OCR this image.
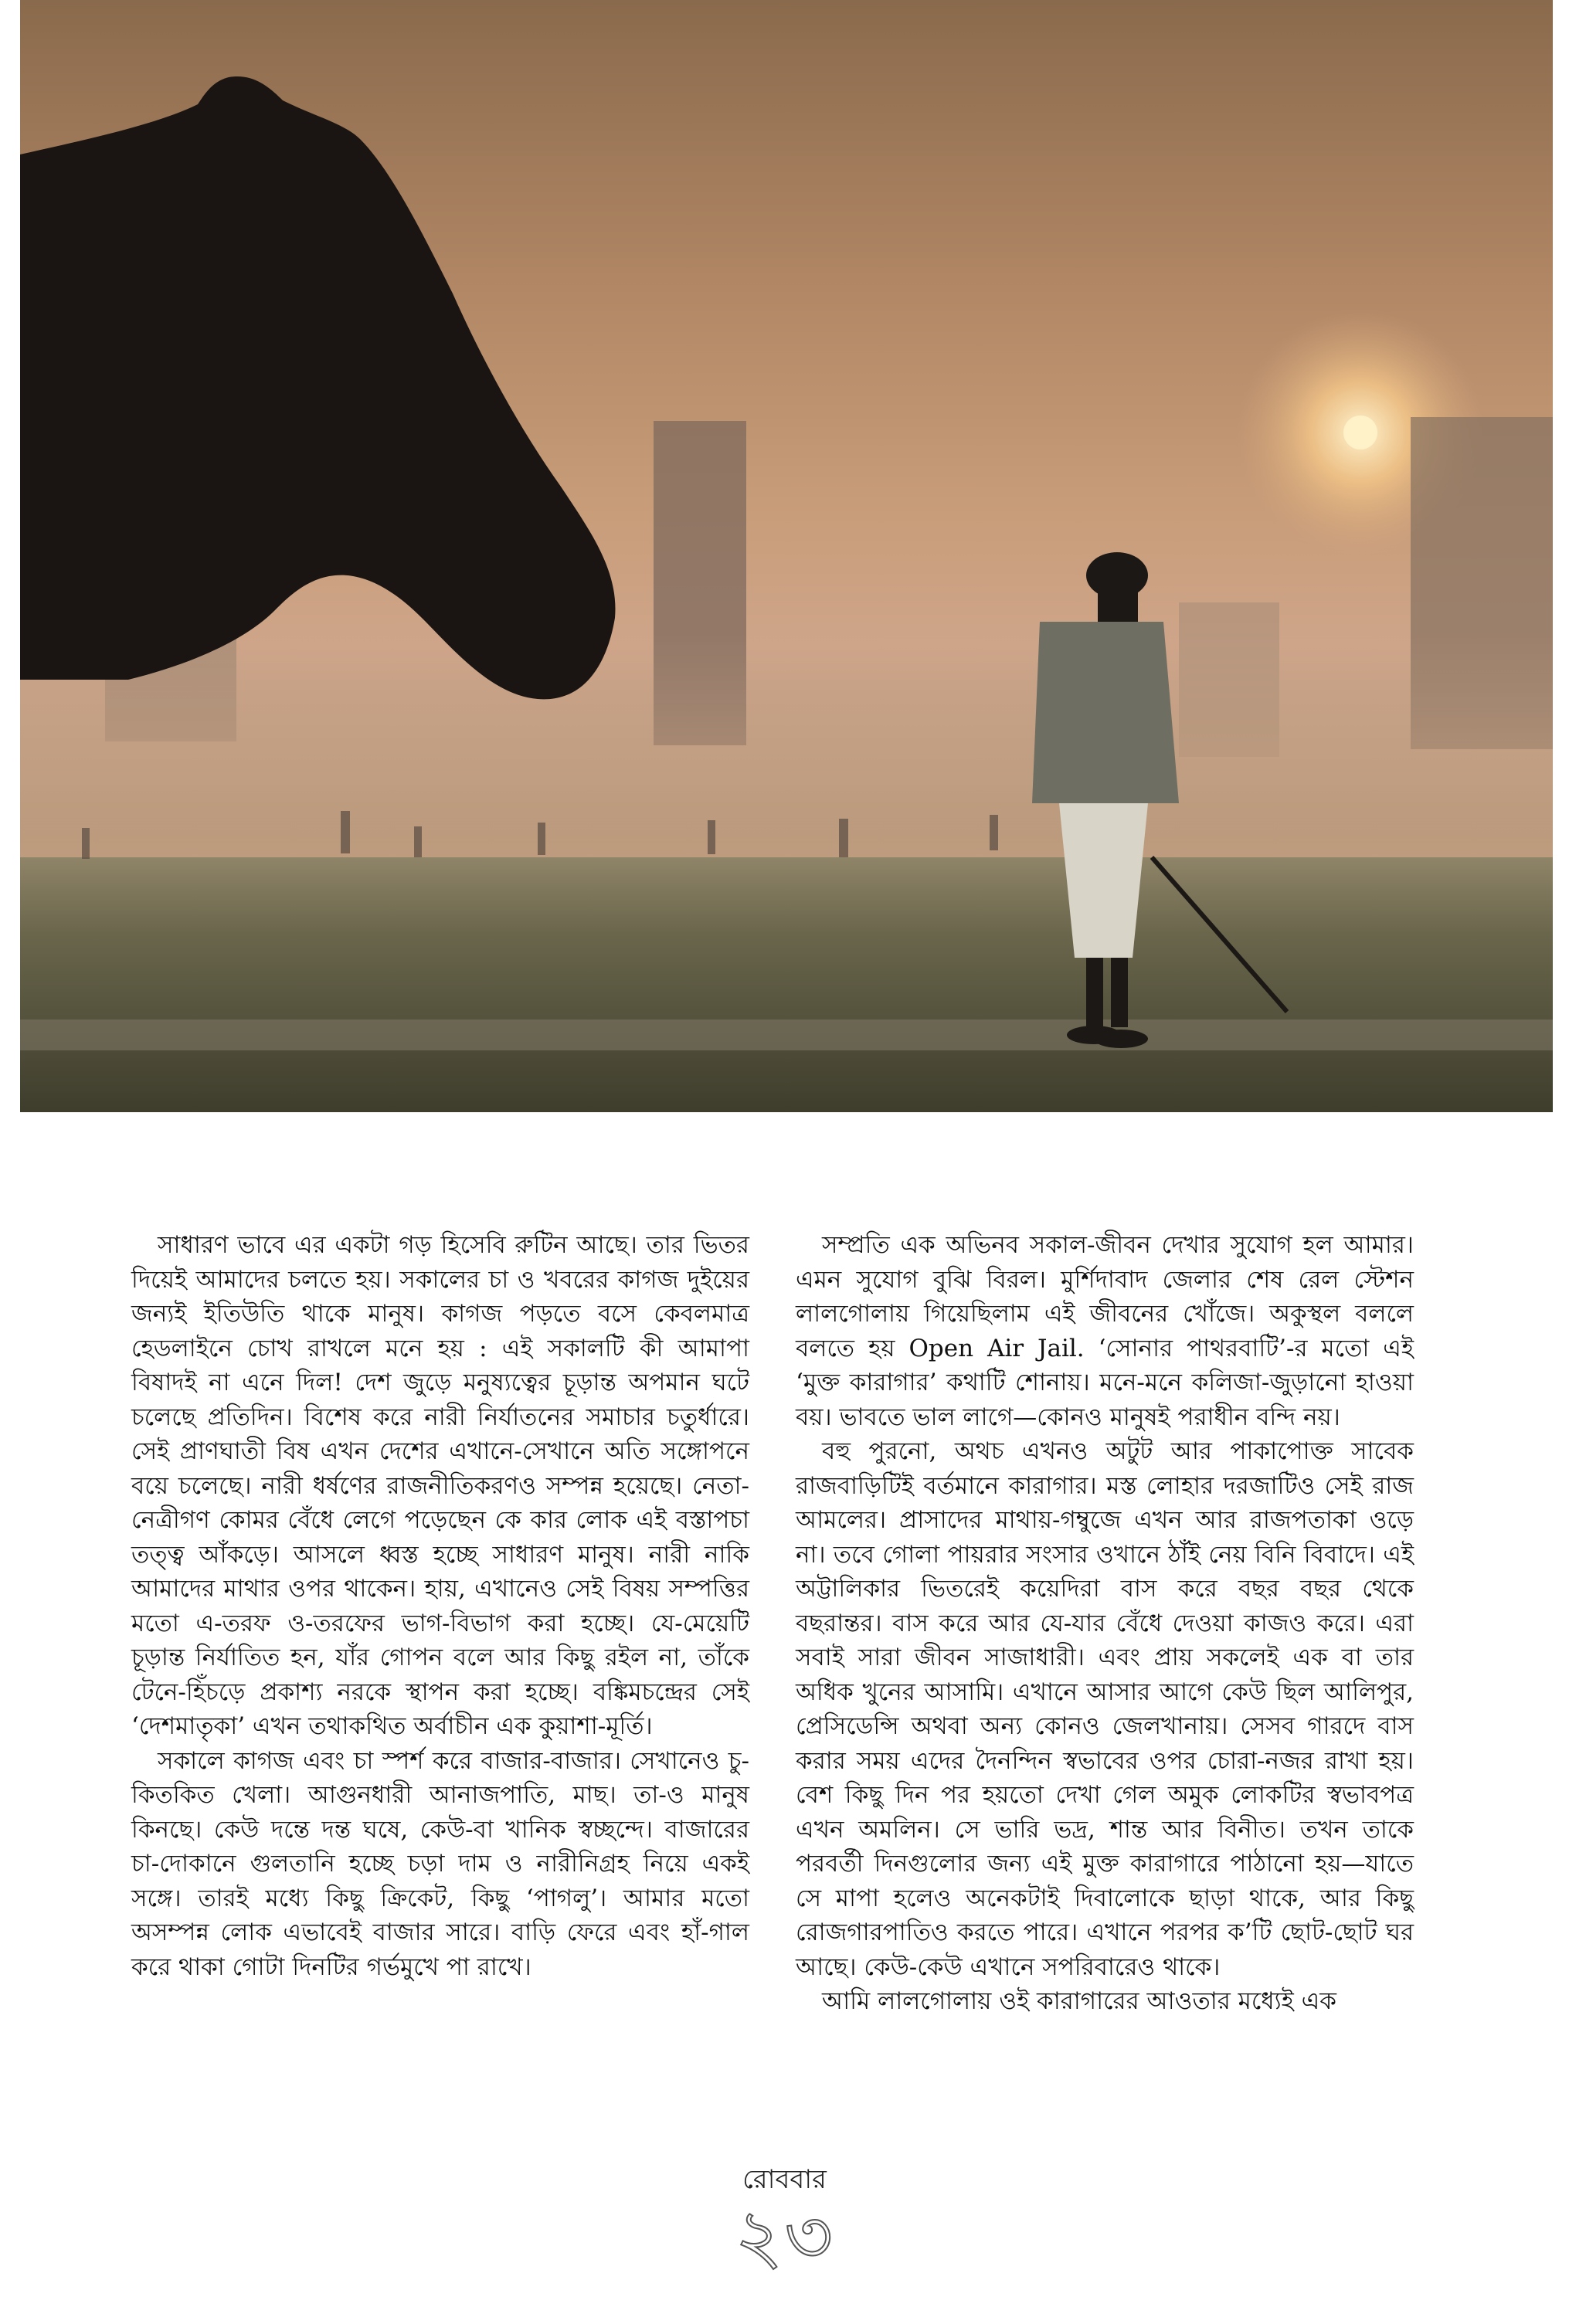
সাধারণ ভাবে এর একটা গড় হিসেবি রুটিন আছে। তার ভিতর দিয়েই আমাদের চলতে হয়। সকালের চা ও খবরের কাগজ দুইয়ের জন্যই ইতিউতি থাকে মানুষ। কাগজ পড়তে বসে কেবলমাত্র হেডলাইনে চোখ রাখলে মনে হয় : এই সকালটি কী আমাপা বিষাদই না এনে দিল! দেশ জুড়ে মনুষ্যত্বের চূড়ান্ত অপমান ঘটে চলেছে প্রতিদিন। বিশেষ করে নারী নির্যাতনের সমাচার চতুর্ধারে। সেই প্রাণঘাতী বিষ এখন দেশের এখানে-সেখানে অতি সঙ্গোপনে বয়ে চলেছে। নারী ধর্ষণের রাজনীতিকরণও সম্পন্ন হয়েছে। নেতা-নেত্রীগণ কোমর বেঁধে লেগে পড়েছেন কে কার লোক এই বস্তাপচা তত্ত্ব আঁকড়ে। আসলে ধ্বস্ত হচ্ছে সাধারণ মানুষ। নারী নাকি আমাদের মাথার ওপর থাকেন। হায়, এখানেও সেই বিষয় সম্পত্তির মতো এ-তরফ ও-তরফের ভাগ-বিভাগ করা হচ্ছে। যে-মেয়েটি চূড়ান্ত নির্যাতিত হন, যাঁর গোপন বলে আর কিছু রইল না, তাঁকে টেনে-হিঁচড়ে প্রকাশ্য নরকে স্থাপন করা হচ্ছে। বঙ্কিমচন্দ্রের সেই ‘দেশমাতৃকা’ এখন তথাকথিত অর্বাচীন এক কুয়াশা-মূর্তি।

সকালে কাগজ এবং চা স্পর্শ করে বাজার-বাজার। সেখানেও চু-কিতকিত খেলা। আগুনধারী আনাজপাতি, মাছ। তা-ও মানুষ কিনছে। কেউ দন্তে দন্ত ঘষে, কেউ-বা খানিক স্বচ্ছন্দে। বাজারের চা-দোকানে গুলতানি হচ্ছে চড়া দাম ও নারীনিগ্রহ নিয়ে একই সঙ্গে। তারই মধ্যে কিছু ক্রিকেট, কিছু ‘পাগলু’। আমার মতো অসম্পন্ন লোক এভাবেই বাজার সারে। বাড়ি ফেরে এবং হাঁ-গাল করে থাকা গোটা দিনটির গর্ভমুখে পা রাখে।

সম্প্রতি এক অভিনব সকাল-জীবন দেখার সুযোগ হল আমার। এমন সুযোগ বুঝি বিরল। মুর্শিদাবাদ জেলার শেষ রেল স্টেশন লালগোলায় গিয়েছিলাম এই জীবনের খোঁজে। অকুস্থল বললে বলতে হয় Open Air Jail. ‘সোনার পাথরবাটি’-র মতো এই ‘মুক্ত কারাগার’ কথাটি শোনায়। মনে-মনে কলিজা-জুড়ানো হাওয়া বয়। ভাবতে ভাল লাগে—কোনও মানুষই পরাধীন বন্দি নয়।

বহু পুরনো, অথচ এখনও অটুট আর পাকাপোক্ত সাবেক রাজবাড়িটিই বর্তমানে কারাগার। মস্ত লোহার দরজাটিও সেই রাজ আমলের। প্রাসাদের মাথায়-গম্বুজে এখন আর রাজপতাকা ওড়ে না। তবে গোলা পায়রার সংসার ওখানে ঠাঁই নেয় বিনি বিবাদে। এই অট্টালিকার ভিতরেই কয়েদিরা বাস করে বছর বছর থেকে বছরান্তর। বাস করে আর যে-যার বেঁধে দেওয়া কাজও করে। এরা সবাই সারা জীবন সাজাধারী। এবং প্রায় সকলেই এক বা তার অধিক খুনের আসামি। এখানে আসার আগে কেউ ছিল আলিপুর, প্রেসিডেন্সি অথবা অন্য কোনও জেলখানায়। সেসব গারদে বাস করার সময় এদের দৈনন্দিন স্বভাবের ওপর চোরা-নজর রাখা হয়। বেশ কিছু দিন পর হয়তো দেখা গেল অমুক লোকটির স্বভাবপত্র এখন অমলিন। সে ভারি ভদ্র, শান্ত আর বিনীত। তখন তাকে পরবর্তী দিনগুলোর জন্য এই মুক্ত কারাগারে পাঠানো হয়—যাতে সে মাপা হলেও অনেকটাই দিবালোকে ছাড়া থাকে, আর কিছু রোজগারপাতিও করতে পারে। এখানে পরপর ক’টি ছোট-ছোট ঘর আছে। কেউ-কেউ এখানে সপরিবারেও থাকে।

আমি লালগোলায় ওই কারাগারের আওতার মধ্যেই এক

রোববার
২৩
